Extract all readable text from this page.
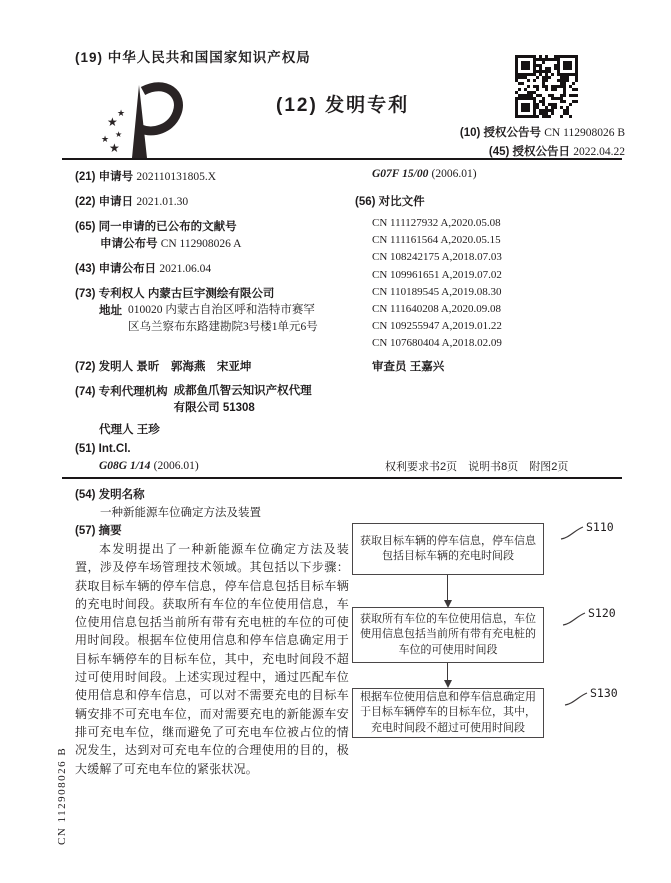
(19) 中华人民共和国国家知识产权局
★
★
★
★
★
(12) 发明专利
(10) 授权公告号 CN 112908026 B
(45) 授权公告日 2022.04.22
(21) 申请号 202110131805.X
(22) 申请日 2021.01.30
(65) 同一申请的已公布的文献号
申请公布号 CN 112908026 A
(43) 申请公布日 2021.06.04
(73) 专利权人 内蒙古巨宇测绘有限公司
地址 010020 内蒙古自治区呼和浩特市赛罕区乌兰察布东路建勘院3号楼1单元6号
(72) 发明人 景昕　郭海燕　宋亚坤
(74) 专利代理机构 成都鱼爪智云知识产权代理有限公司 51308
代理人 王珍
(51) Int.Cl.
G08G 1/14 (2006.01)
G07F 15/00 (2006.01)
(56) 对比文件
CN 111127932 A,2020.05.08
CN 111161564 A,2020.05.15
CN 108242175 A,2018.07.03
CN 109961651 A,2019.07.02
CN 110189545 A,2019.08.30
CN 111640208 A,2020.09.08
CN 109255947 A,2019.01.22
CN 107680404 A,2018.02.09
审查员 王嘉兴
权利要求书2页　说明书8页　附图2页
(54) 发明名称
一种新能源车位确定方法及装置
(57) 摘要
本发明提出了一种新能源车位确定方法及装置，涉及停车场管理技术领域。其包括以下步骤：获取目标车辆的停车信息，停车信息包括目标车辆的充电时间段。获取所有车位的车位使用信息，车位使用信息包括当前所有带有充电桩的车位的可使用时间段。根据车位使用信息和停车信息确定用于目标车辆停车的目标车位，其中，充电时间段不超过可使用时间段。上述实现过程中，通过匹配车位使用信息和停车信息，可以对不需要充电的目标车辆安排不可充电车位，而对需要充电的新能源车安排可充电车位，继而避免了可充电车位被占位的情况发生，达到对可充电车位的合理使用的目的，极大缓解了可充电车位的紧张状况。
获取目标车辆的停车信息，停车信息包括目标车辆的充电时间段
S110
获取所有车位的车位使用信息，车位使用信息包括当前所有带有充电桩的车位的可使用时间段
S120
根据车位使用信息和停车信息确定用于目标车辆停车的目标车位，其中，充电时间段不超过可使用时间段
S130
CN 112908026 B
